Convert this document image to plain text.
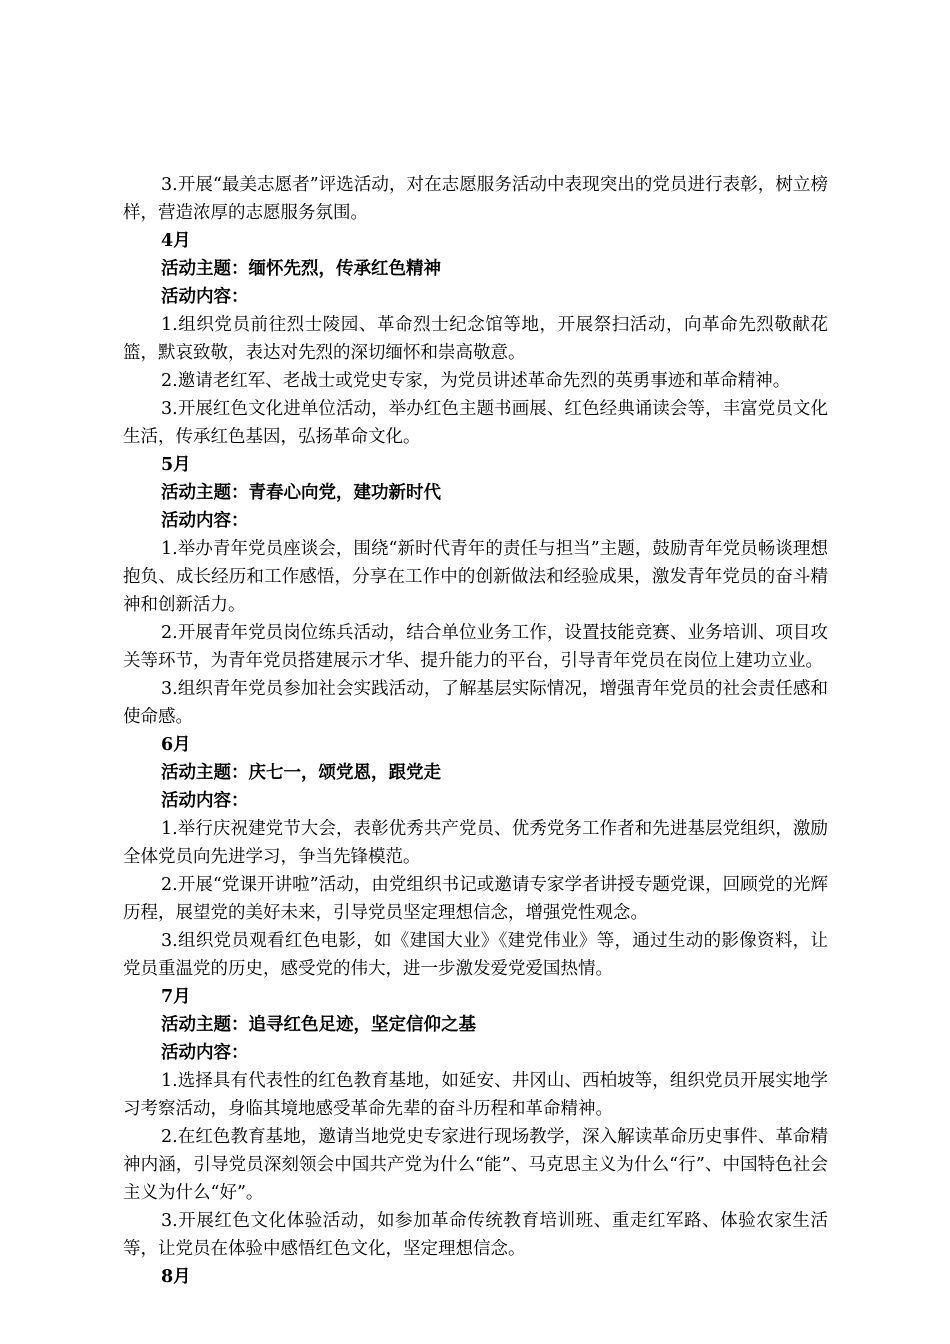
3.开展“最美志愿者”评选活动，对在志愿服务活动中表现突出的党员进行表彰，树立榜样，营造浓厚的志愿服务氛围。

4月

活动主题：缅怀先烈，传承红色精神

活动内容：

1.组织党员前往烈士陵园、革命烈士纪念馆等地，开展祭扫活动，向革命先烈敬献花篮，默哀致敬，表达对先烈的深切缅怀和崇高敬意。

2.邀请老红军、老战士或党史专家，为党员讲述革命先烈的英勇事迹和革命精神。

3.开展红色文化进单位活动，举办红色主题书画展、红色经典诵读会等，丰富党员文化生活，传承红色基因，弘扬革命文化。

5月

活动主题：青春心向党，建功新时代

活动内容：

1.举办青年党员座谈会，围绕“新时代青年的责任与担当”主题，鼓励青年党员畅谈理想抱负、成长经历和工作感悟，分享在工作中的创新做法和经验成果，激发青年党员的奋斗精神和创新活力。

2.开展青年党员岗位练兵活动，结合单位业务工作，设置技能竞赛、业务培训、项目攻关等环节，为青年党员搭建展示才华、提升能力的平台，引导青年党员在岗位上建功立业。

3.组织青年党员参加社会实践活动，了解基层实际情况，增强青年党员的社会责任感和使命感。

6月

活动主题：庆七一，颂党恩，跟党走

活动内容：

1.举行庆祝建党节大会，表彰优秀共产党员、优秀党务工作者和先进基层党组织，激励全体党员向先进学习，争当先锋模范。

2.开展“党课开讲啦”活动，由党组织书记或邀请专家学者讲授专题党课，回顾党的光辉历程，展望党的美好未来，引导党员坚定理想信念，增强党性观念。

3.组织党员观看红色电影，如《建国大业》《建党伟业》等，通过生动的影像资料，让党员重温党的历史，感受党的伟大，进一步激发爱党爱国热情。

7月

活动主题：追寻红色足迹，坚定信仰之基

活动内容：

1.选择具有代表性的红色教育基地，如延安、井冈山、西柏坡等，组织党员开展实地学习考察活动，身临其境地感受革命先辈的奋斗历程和革命精神。

2.在红色教育基地，邀请当地党史专家进行现场教学，深入解读革命历史事件、革命精神内涵，引导党员深刻领会中国共产党为什么“能”、马克思主义为什么“行”、中国特色社会主义为什么“好”。

3.开展红色文化体验活动，如参加革命传统教育培训班、重走红军路、体验农家生活等，让党员在体验中感悟红色文化，坚定理想信念。

8月
